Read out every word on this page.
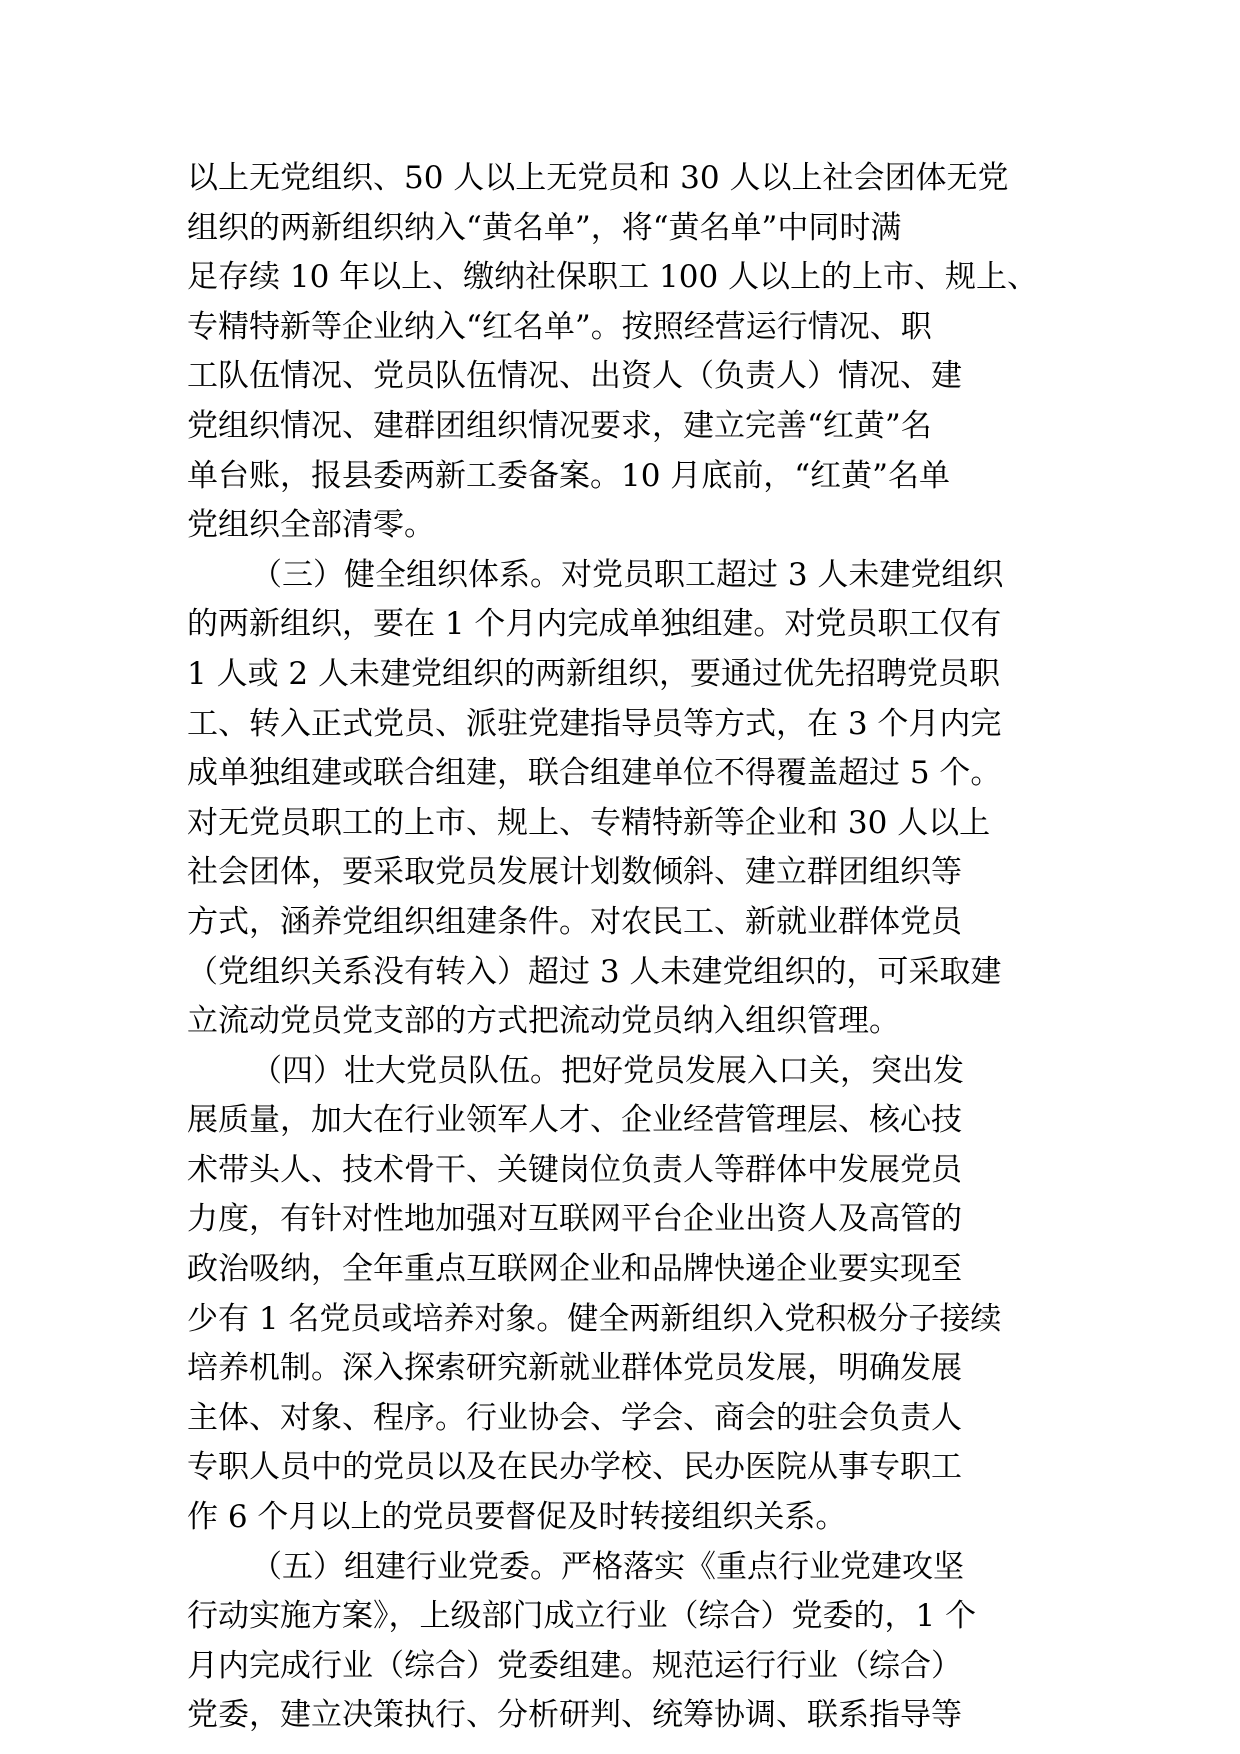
以上无党组织、50 人以上无党员和 30 人以上社会团体无党
组织的两新组织纳入“黄名单”，将“黄名单”中同时满
足存续 10 年以上、缴纳社保职工 100 人以上的上市、规上、
专精特新等企业纳入“红名单”。按照经营运行情况、职
工队伍情况、党员队伍情况、出资人（负责人）情况、建
党组织情况、建群团组织情况要求，建立完善“红黄”名
单台账，报县委两新工委备案。10 月底前，“红黄”名单
党组织全部清零。
（三）健全组织体系。对党员职工超过 3 人未建党组织
的两新组织，要在 1 个月内完成单独组建。对党员职工仅有
1 人或 2 人未建党组织的两新组织，要通过优先招聘党员职
工、转入正式党员、派驻党建指导员等方式，在 3 个月内完
成单独组建或联合组建，联合组建单位不得覆盖超过 5 个。
对无党员职工的上市、规上、专精特新等企业和 30 人以上
社会团体，要采取党员发展计划数倾斜、建立群团组织等
方式，涵养党组织组建条件。对农民工、新就业群体党员
（党组织关系没有转入）超过 3 人未建党组织的，可采取建
立流动党员党支部的方式把流动党员纳入组织管理。
（四）壮大党员队伍。把好党员发展入口关，突出发
展质量，加大在行业领军人才、企业经营管理层、核心技
术带头人、技术骨干、关键岗位负责人等群体中发展党员
力度，有针对性地加强对互联网平台企业出资人及高管的
政治吸纳，全年重点互联网企业和品牌快递企业要实现至
少有 1 名党员或培养对象。健全两新组织入党积极分子接续
培养机制。深入探索研究新就业群体党员发展，明确发展
主体、对象、程序。行业协会、学会、商会的驻会负责人
专职人员中的党员以及在民办学校、民办医院从事专职工
作 6 个月以上的党员要督促及时转接组织关系。
（五）组建行业党委。严格落实《重点行业党建攻坚
行动实施方案》，上级部门成立行业（综合）党委的，1 个
月内完成行业（综合）党委组建。规范运行行业（综合）
党委，建立决策执行、分析研判、统筹协调、联系指导等
